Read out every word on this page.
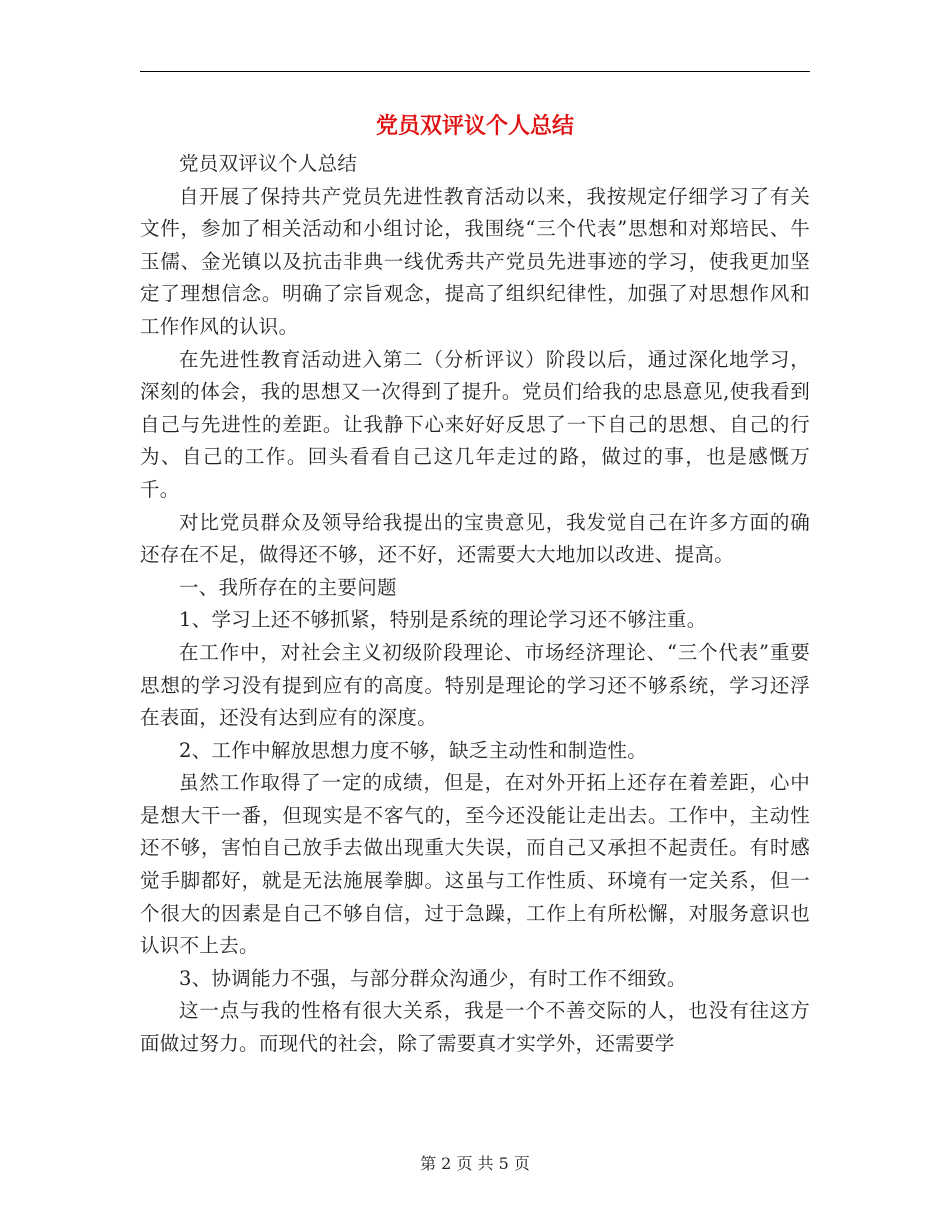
党员双评议个人总结

党员双评议个人总结

自开展了保持共产党员先进性教育活动以来，我按规定仔细学习了有关文件，参加了相关活动和小组讨论，我围绕“三个代表”思想和对郑培民、牛玉儒、金光镇以及抗击非典一线优秀共产党员先进事迹的学习，使我更加坚定了理想信念。明确了宗旨观念，提高了组织纪律性，加强了对思想作风和工作作风的认识。

在先进性教育活动进入第二（分析评议）阶段以后，通过深化地学习，深刻的体会，我的思想又一次得到了提升。党员们给我的忠恳意见,使我看到自己与先进性的差距。让我静下心来好好反思了一下自己的思想、自己的行为、自己的工作。回头看看自己这几年走过的路，做过的事，也是感慨万千。

对比党员群众及领导给我提出的宝贵意见，我发觉自己在许多方面的确还存在不足，做得还不够，还不好，还需要大大地加以改进、提高。

一、我所存在的主要问题

1、学习上还不够抓紧，特别是系统的理论学习还不够注重。

在工作中，对社会主义初级阶段理论、市场经济理论、“三个代表”重要思想的学习没有提到应有的高度。特别是理论的学习还不够系统，学习还浮在表面，还没有达到应有的深度。

2、工作中解放思想力度不够，缺乏主动性和制造性。

虽然工作取得了一定的成绩，但是，在对外开拓上还存在着差距，心中是想大干一番，但现实是不客气的，至今还没能让走出去。工作中，主动性还不够，害怕自己放手去做出现重大失误，而自己又承担不起责任。有时感觉手脚都好，就是无法施展拳脚。这虽与工作性质、环境有一定关系，但一个很大的因素是自己不够自信，过于急躁，工作上有所松懈，对服务意识也认识不上去。

3、协调能力不强，与部分群众沟通少，有时工作不细致。

这一点与我的性格有很大关系，我是一个不善交际的人，也没有往这方面做过努力。而现代的社会，除了需要真才实学外，还需要学

第 2 页 共 5 页
